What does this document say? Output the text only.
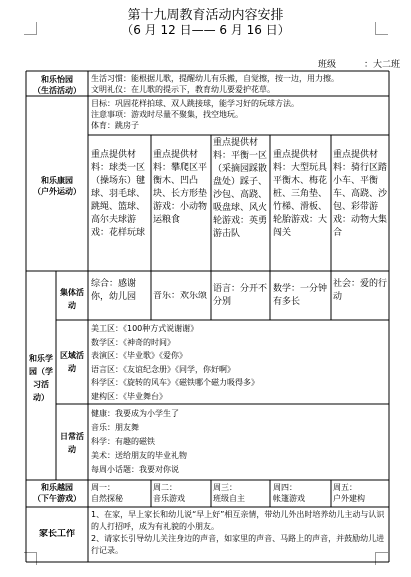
第十九周教育活动内容安排
（6 月 12 日—— 6 月 16 日）
班级	：大二班
和乐怡园
（生活活动）
生活习惯：能根据儿歌，提醒幼儿有乐搬，自觉擦，按一边，用力擦。
文明礼仪：在儿歌的提示下，教育幼儿要爱护花草。
和乐康园
（户外运动）
目标：巩固花样拍球、双人跳接球，能学习好的玩球方法。
注意事项：游戏时尽量不聚集，找空地玩。
体育：跳房子
重点提供材料：球类一区（操场东）毽球、羽毛球、跳绳、篮球、高尔夫球游戏：花样玩球
重点提供材料：攀爬区平衡木、凹凸块、长方形垫游戏：小动物运粮食
重点提供材料：平衡一区（采摘园踩散盘处）踩子、沙包、高跷、吸盘球、风火轮游戏：英勇游击队
重点提供材料：大型玩具平衡木、梅花桩、三角垫、竹梯、滑板、轮胎游戏：大闯关
重点提供材料：骑行区踏小车、平衡车、高跷、沙包、彩带游戏：动物大集合
和乐学园（学习活动）
集体活动
综合：感谢你，幼儿园	音乐：欢乐颂
语言：分开不分别
数学：一分钟有多长
社会：爱的行动
区域活动
美工区：《100种方式说谢谢》
数学区：《神奇的时间》
表演区：《毕业歌》《爱你》
语言区：《友谊纪念册》《同学，你好啊》
科学区：《旋转的风车》《磁铁哪个磁力吸得多》
建构区：《毕业舞台》
日常活动
健康：我要成为小学生了
音乐：朋友舞
科学：有趣的磁铁
美术：送给朋友的毕业礼物
每周小话题：我要对你说
和乐越园
（下午游戏）
周一：
自然探秘
周二：
音乐游戏
周三：
班级自主
周四：
帐篷游戏
周五：
户外建构
家长工作
1、在家，早上家长和幼儿说“早上好”相互亲情，带幼儿外出时培养幼儿主动与认识的人打招呼，成为有礼貌的小朋友。
2、请家长引导幼儿关注身边的声音，如家里的声音、马路上的声音，并鼓励幼儿进行记录。
